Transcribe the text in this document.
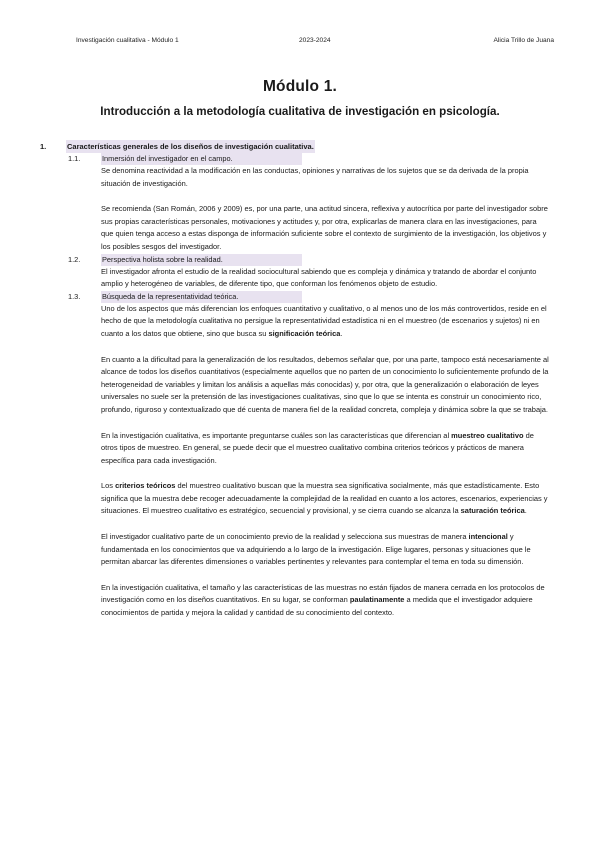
Investigación cualitativa - Módulo 1	2023-2024	Alicia Trillo de Juana
Módulo 1.
Introducción a la metodología cualitativa de investigación en psicología.
1.	Características generales de los diseños de investigación cualitativa.
1.1.	Inmersión del investigador en el campo.

Se denomina reactividad a la modificación en las conductas, opiniones y narrativas de los sujetos que se da derivada de la propia situación de investigación.

Se recomienda (San Román, 2006 y 2009) es, por una parte, una actitud sincera, reflexiva y autocrítica por parte del investigador sobre sus propias características personales, motivaciones y actitudes y, por otra, explicarlas de manera clara en las investigaciones, para que quien tenga acceso a estas disponga de información suficiente sobre el contexto de surgimiento de la investigación, los objetivos y los posibles sesgos del investigador.

1.2.	Perspectiva holista sobre la realidad.

El investigador afronta el estudio de la realidad sociocultural sabiendo que es compleja y dinámica y tratando de abordar el conjunto amplio y heterogéneo de variables, de diferente tipo, que conforman los fenómenos objeto de estudio.

1.3.	Búsqueda de la representatividad teórica.

Uno de los aspectos que más diferencian los enfoques cuantitativo y cualitativo, o al menos uno de los más controvertidos, reside en el hecho de que la metodología cualitativa no persigue la representatividad estadística ni en el muestreo (de escenarios y sujetos) ni en cuanto a los datos que obtiene, sino que busca su significación teórica.

En cuanto a la dificultad para la generalización de los resultados, debemos señalar que, por una parte, tampoco está necesariamente al alcance de todos los diseños cuantitativos (especialmente aquellos que no parten de un conocimiento lo suficientemente profundo de la heterogeneidad de variables y limitan los análisis a aquellas más conocidas) y, por otra, que la generalización o elaboración de leyes universales no suele ser la pretensión de las investigaciones cualitativas, sino que lo que se intenta es construir un conocimiento rico, profundo, riguroso y contextualizado que dé cuenta de manera fiel de la realidad concreta, compleja y dinámica sobre la que se trabaja.

En la investigación cualitativa, es importante preguntarse cuáles son las características que diferencian al muestreo cualitativo de otros tipos de muestreo. En general, se puede decir que el muestreo cualitativo combina criterios teóricos y prácticos de manera específica para cada investigación.

Los criterios teóricos del muestreo cualitativo buscan que la muestra sea significativa socialmente, más que estadísticamente. Esto significa que la muestra debe recoger adecuadamente la complejidad de la realidad en cuanto a los actores, escenarios, experiencias y situaciones. El muestreo cualitativo es estratégico, secuencial y provisional, y se cierra cuando se alcanza la saturación teórica.

El investigador cualitativo parte de un conocimiento previo de la realidad y selecciona sus muestras de manera intencional y fundamentada en los conocimientos que va adquiriendo a lo largo de la investigación. Elige lugares, personas y situaciones que le permitan abarcar las diferentes dimensiones o variables pertinentes y relevantes para contemplar el tema en toda su dimensión.

En la investigación cualitativa, el tamaño y las características de las muestras no están fijados de manera cerrada en los protocolos de investigación como en los diseños cuantitativos. En su lugar, se conforman paulatinamente a medida que el investigador adquiere conocimientos de partida y mejora la calidad y cantidad de su conocimiento del contexto.
